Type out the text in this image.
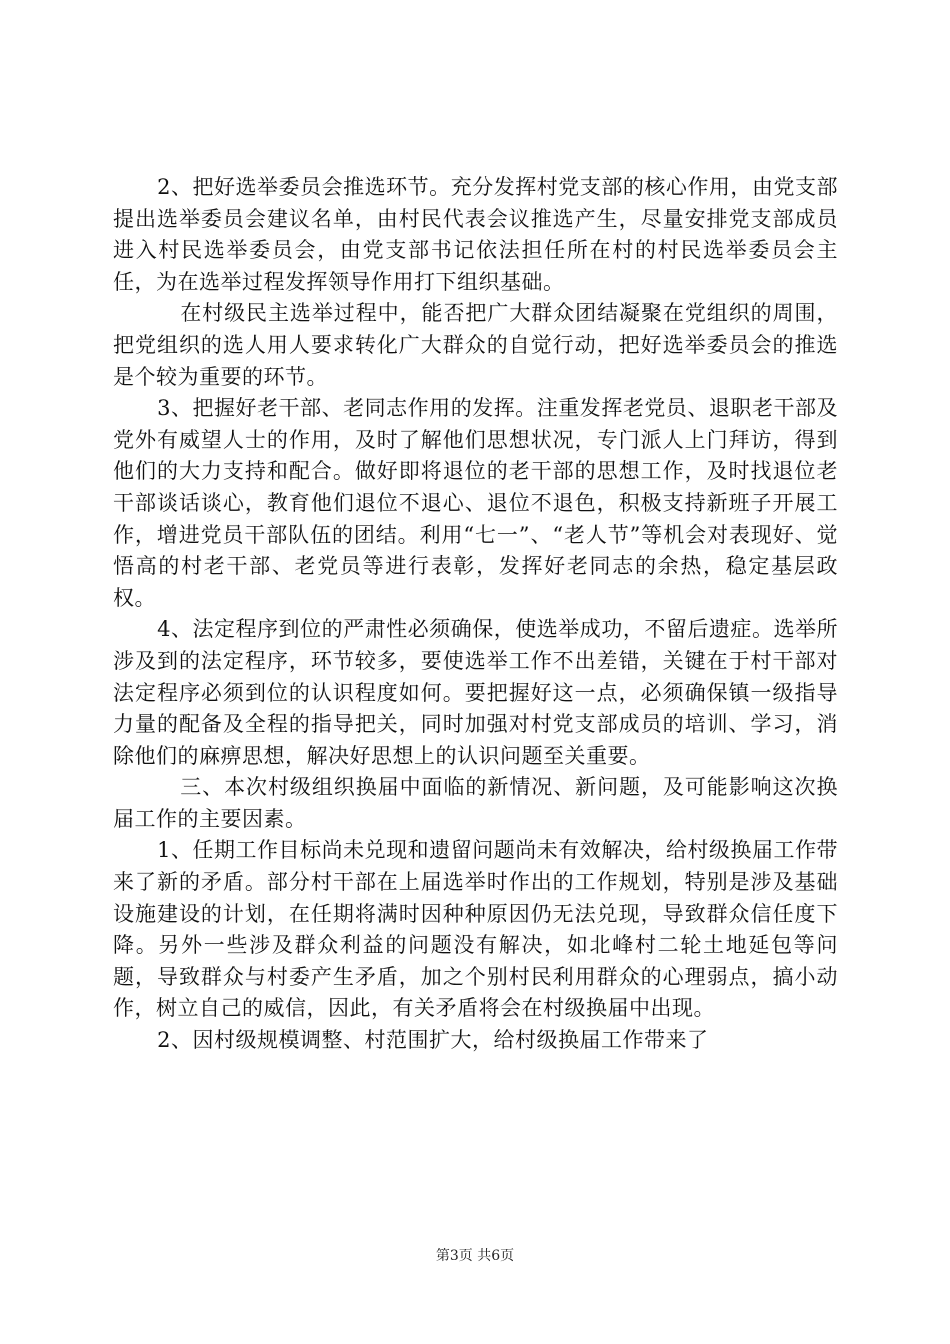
2、把好选举委员会推选环节。充分发挥村党支部的核心作用，由党支部提出选举委员会建议名单，由村民代表会议推选产生，尽量安排党支部成员进入村民选举委员会，由党支部书记依法担任所在村的村民选举委员会主任，为在选举过程发挥领导作用打下组织基础。

在村级民主选举过程中，能否把广大群众团结凝聚在党组织的周围，把党组织的选人用人要求转化广大群众的自觉行动，把好选举委员会的推选是个较为重要的环节。

3、把握好老干部、老同志作用的发挥。注重发挥老党员、退职老干部及党外有威望人士的作用，及时了解他们思想状况，专门派人上门拜访，得到他们的大力支持和配合。做好即将退位的老干部的思想工作，及时找退位老干部谈话谈心，教育他们退位不退心、退位不退色，积极支持新班子开展工作，增进党员干部队伍的团结。利用“七一”、“老人节”等机会对表现好、觉悟高的村老干部、老党员等进行表彰，发挥好老同志的余热，稳定基层政权。

4、法定程序到位的严肃性必须确保，使选举成功，不留后遗症。选举所涉及到的法定程序，环节较多，要使选举工作不出差错，关键在于村干部对法定程序必须到位的认识程度如何。要把握好这一点，必须确保镇一级指导力量的配备及全程的指导把关，同时加强对村党支部成员的培训、学习，消除他们的麻痹思想，解决好思想上的认识问题至关重要。

三、本次村级组织换届中面临的新情况、新问题，及可能影响这次换届工作的主要因素。

1、任期工作目标尚未兑现和遗留问题尚未有效解决，给村级换届工作带来了新的矛盾。部分村干部在上届选举时作出的工作规划，特别是涉及基础设施建设的计划，在任期将满时因种种原因仍无法兑现，导致群众信任度下降。另外一些涉及群众利益的问题没有解决，如北峰村二轮土地延包等问题，导致群众与村委产生矛盾，加之个别村民利用群众的心理弱点，搞小动作，树立自己的威信，因此，有关矛盾将会在村级换届中出现。

2、因村级规模调整、村范围扩大，给村级换届工作带来了

第3页 共6页
